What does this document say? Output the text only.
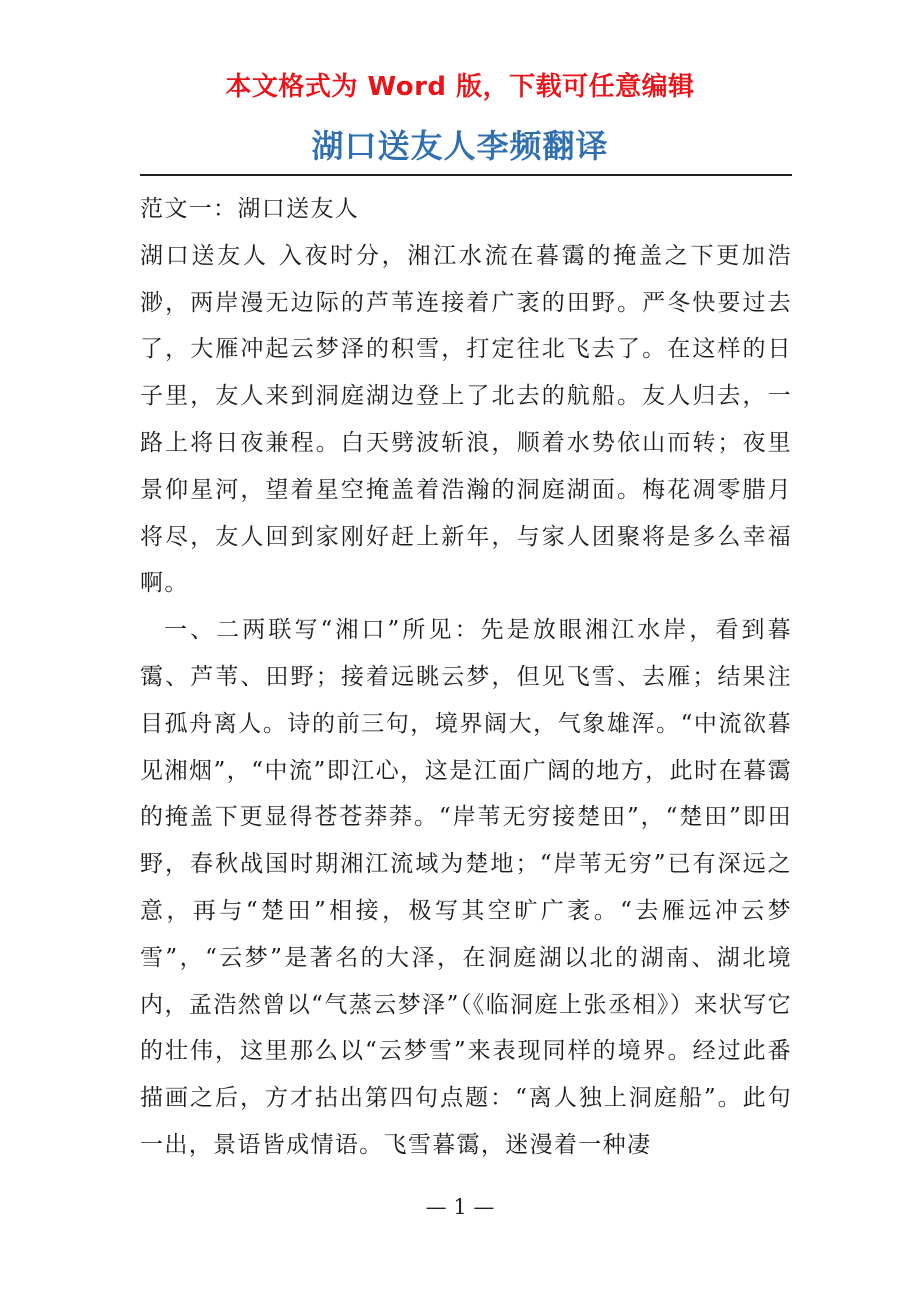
本文格式为 Word 版，下载可任意编辑
湖口送友人李频翻译

范文一：湖口送友人

湖口送友人 入夜时分，湘江水流在暮霭的掩盖之下更加浩渺，两岸漫无边际的芦苇连接着广袤的田野。严冬快要过去了，大雁冲起云梦泽的积雪，打定往北飞去了。在这样的日子里，友人来到洞庭湖边登上了北去的航船。友人归去，一路上将日夜兼程。白天劈波斩浪，顺着水势依山而转；夜里景仰星河，望着星空掩盖着浩瀚的洞庭湖面。梅花凋零腊月将尽，友人回到家刚好赶上新年，与家人团聚将是多么幸福啊。

一、二两联写“湘口”所见：先是放眼湘江水岸，看到暮霭、芦苇、田野；接着远眺云梦，但见飞雪、去雁；结果注目孤舟离人。诗的前三句，境界阔大，气象雄浑。“中流欲暮见湘烟”，“中流”即江心，这是江面广阔的地方，此时在暮霭的掩盖下更显得苍苍莽莽。“岸苇无穷接楚田”，“楚田”即田野，春秋战国时期湘江流域为楚地；“岸苇无穷”已有深远之意，再与“楚田”相接，极写其空旷广袤。“去雁远冲云梦雪”，“云梦”是著名的大泽，在洞庭湖以北的湖南、湖北境内，孟浩然曾以“气蒸云梦泽”（《临洞庭上张丞相》）来状写它的壮伟，这里那么以“云梦雪”来表现同样的境界。经过此番描画之后，方才拈出第四句点题：“离人独上洞庭船”。此句一出，景语皆成情语。飞雪暮霭，迷漫着一种凄

— 1 —
